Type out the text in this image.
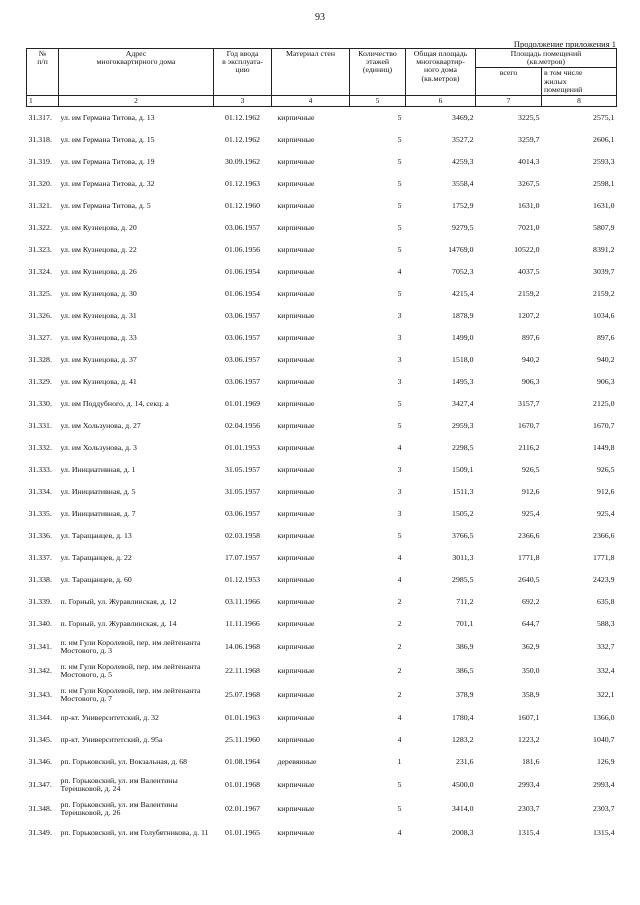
93
Продолжение приложения 1
№
п/п	Адрес
многоквартирного дома	Год ввода
в эксплуата-
цию	Материал стен	Количество
этажей
(единиц)	Общая площадь
многоквартир-
ного дома
(кв.метров)	Площадь помещений
(кв.метров)	
						всего	в том числе
жилых
помещений
1	2	3	4	5	6	7	8
31.317.	ул. им Германа Титова, д. 13	01.12.1962	кирпичные	5	3469,2	3225,5	2575,1
31.318.	ул. им Германа Титова, д. 15	01.12.1962	кирпичные	5	3527,2	3259,7	2606,1
31.319.	ул. им Германа Титова, д. 19	30.09.1962	кирпичные	5	4259,3	4014,3	2593,3
31.320.	ул. им Германа Титова, д. 32	01.12.1963	кирпичные	5	3558,4	3267,5	2598,1
31.321.	ул. им Германа Титова, д. 5	01.12.1960	кирпичные	5	1752,9	1631,0	1631,0
31.322.	ул. им Кузнецова, д. 20	03.06.1957	кирпичные	5	9279,5	7021,0	5807,9
31.323.	ул. им Кузнецова, д. 22	01.06.1956	кирпичные	5	14769,0	10522,0	8391,2
31.324.	ул. им Кузнецова, д. 26	01.06.1954	кирпичные	4	7052,3	4037,5	3039,7
31.325.	ул. им Кузнецова, д. 30	01.06.1954	кирпичные	5	4215,4	2159,2	2159,2
31.326.	ул. им Кузнецова, д. 31	03.06.1957	кирпичные	3	1878,9	1207,2	1034,6
31.327.	ул. им Кузнецова, д. 33	03.06.1957	кирпичные	3	1499,0	897,6	897,6
31.328.	ул. им Кузнецова, д. 37	03.06.1957	кирпичные	3	1518,0	940,2	940,2
31.329.	ул. им Кузнецова, д. 41	03.06.1957	кирпичные	3	1495,3	906,3	906,3
31.330.	ул. им Поддубного, д. 14, секц. а	01.01.1969	кирпичные	5	3427,4	3157,7	2125,0
31.331.	ул. им Хользунова, д. 27	02.04.1956	кирпичные	5	2959,3	1670,7	1670,7
31.332.	ул. им Хользунова, д. 3	01.01.1953	кирпичные	4	2298,5	2116,2	1449,8
31.333.	ул. Инициативная, д. 1	31.05.1957	кирпичные	3	1509,1	926,5	926,5
31.334.	ул. Инициативная, д. 5	31.05.1957	кирпичные	3	1511,3	912,6	912,6
31.335.	ул. Инициативная, д. 7	03.06.1957	кирпичные	3	1505,2	925,4	925,4
31.336.	ул. Таращанцев, д. 13	02.03.1958	кирпичные	5	3766,5	2366,6	2366,6
31.337.	ул. Таращанцев, д. 22	17.07.1957	кирпичные	4	3011,3	1771,8	1771,8
31.338.	ул. Таращанцев, д. 60	01.12.1953	кирпичные	4	2985,5	2640,5	2423,9
31.339.	п. Горный, ул. Журавлинская, д. 12	03.11.1966	кирпичные	2	711,2	692,2	635,8
31.340.	п. Горный, ул. Журавлинская, д. 14	11.11.1966	кирпичные	2	701,1	644,7	588,3
31.341.	п. им Гули Королевой, пер. им лейтенанта Мостового, д. 3	14.06.1968	кирпичные	2	386,9	362,9	332,7
31.342.	п. им Гули Королевой, пер. им лейтенанта Мостового, д. 5	22.11.1968	кирпичные	2	386,5	350,0	332,4
31.343.	п. им Гули Королевой, пер. им лейтенанта Мостового, д. 7	25.07.1968	кирпичные	2	378,9	358,9	322,1
31.344.	пр-кт. Университетский, д. 32	01.01.1963	кирпичные	4	1780,4	1607,1	1366,0
31.345.	пр-кт. Университетский, д. 95а	25.11.1960	кирпичные	4	1283,2	1223,2	1040,7
31.346.	рп. Горьковский, ул. Вокзальная, д. 68	01.08.1964	деревянные	1	231,6	181,6	126,9
31.347.	рп. Горьковский, ул. им Валентины Терешковой, д. 24	01.01.1968	кирпичные	5	4500,0	2993,4	2993,4
31.348.	рп. Горьковский, ул. им Валентины Терешковой, д. 26	02.01.1967	кирпичные	5	3414,0	2303,7	2303,7
31.349.	рп. Горьковский, ул. им Голубятникова, д. 11	01.01.1965	кирпичные	4	2008,3	1315,4	1315,4
